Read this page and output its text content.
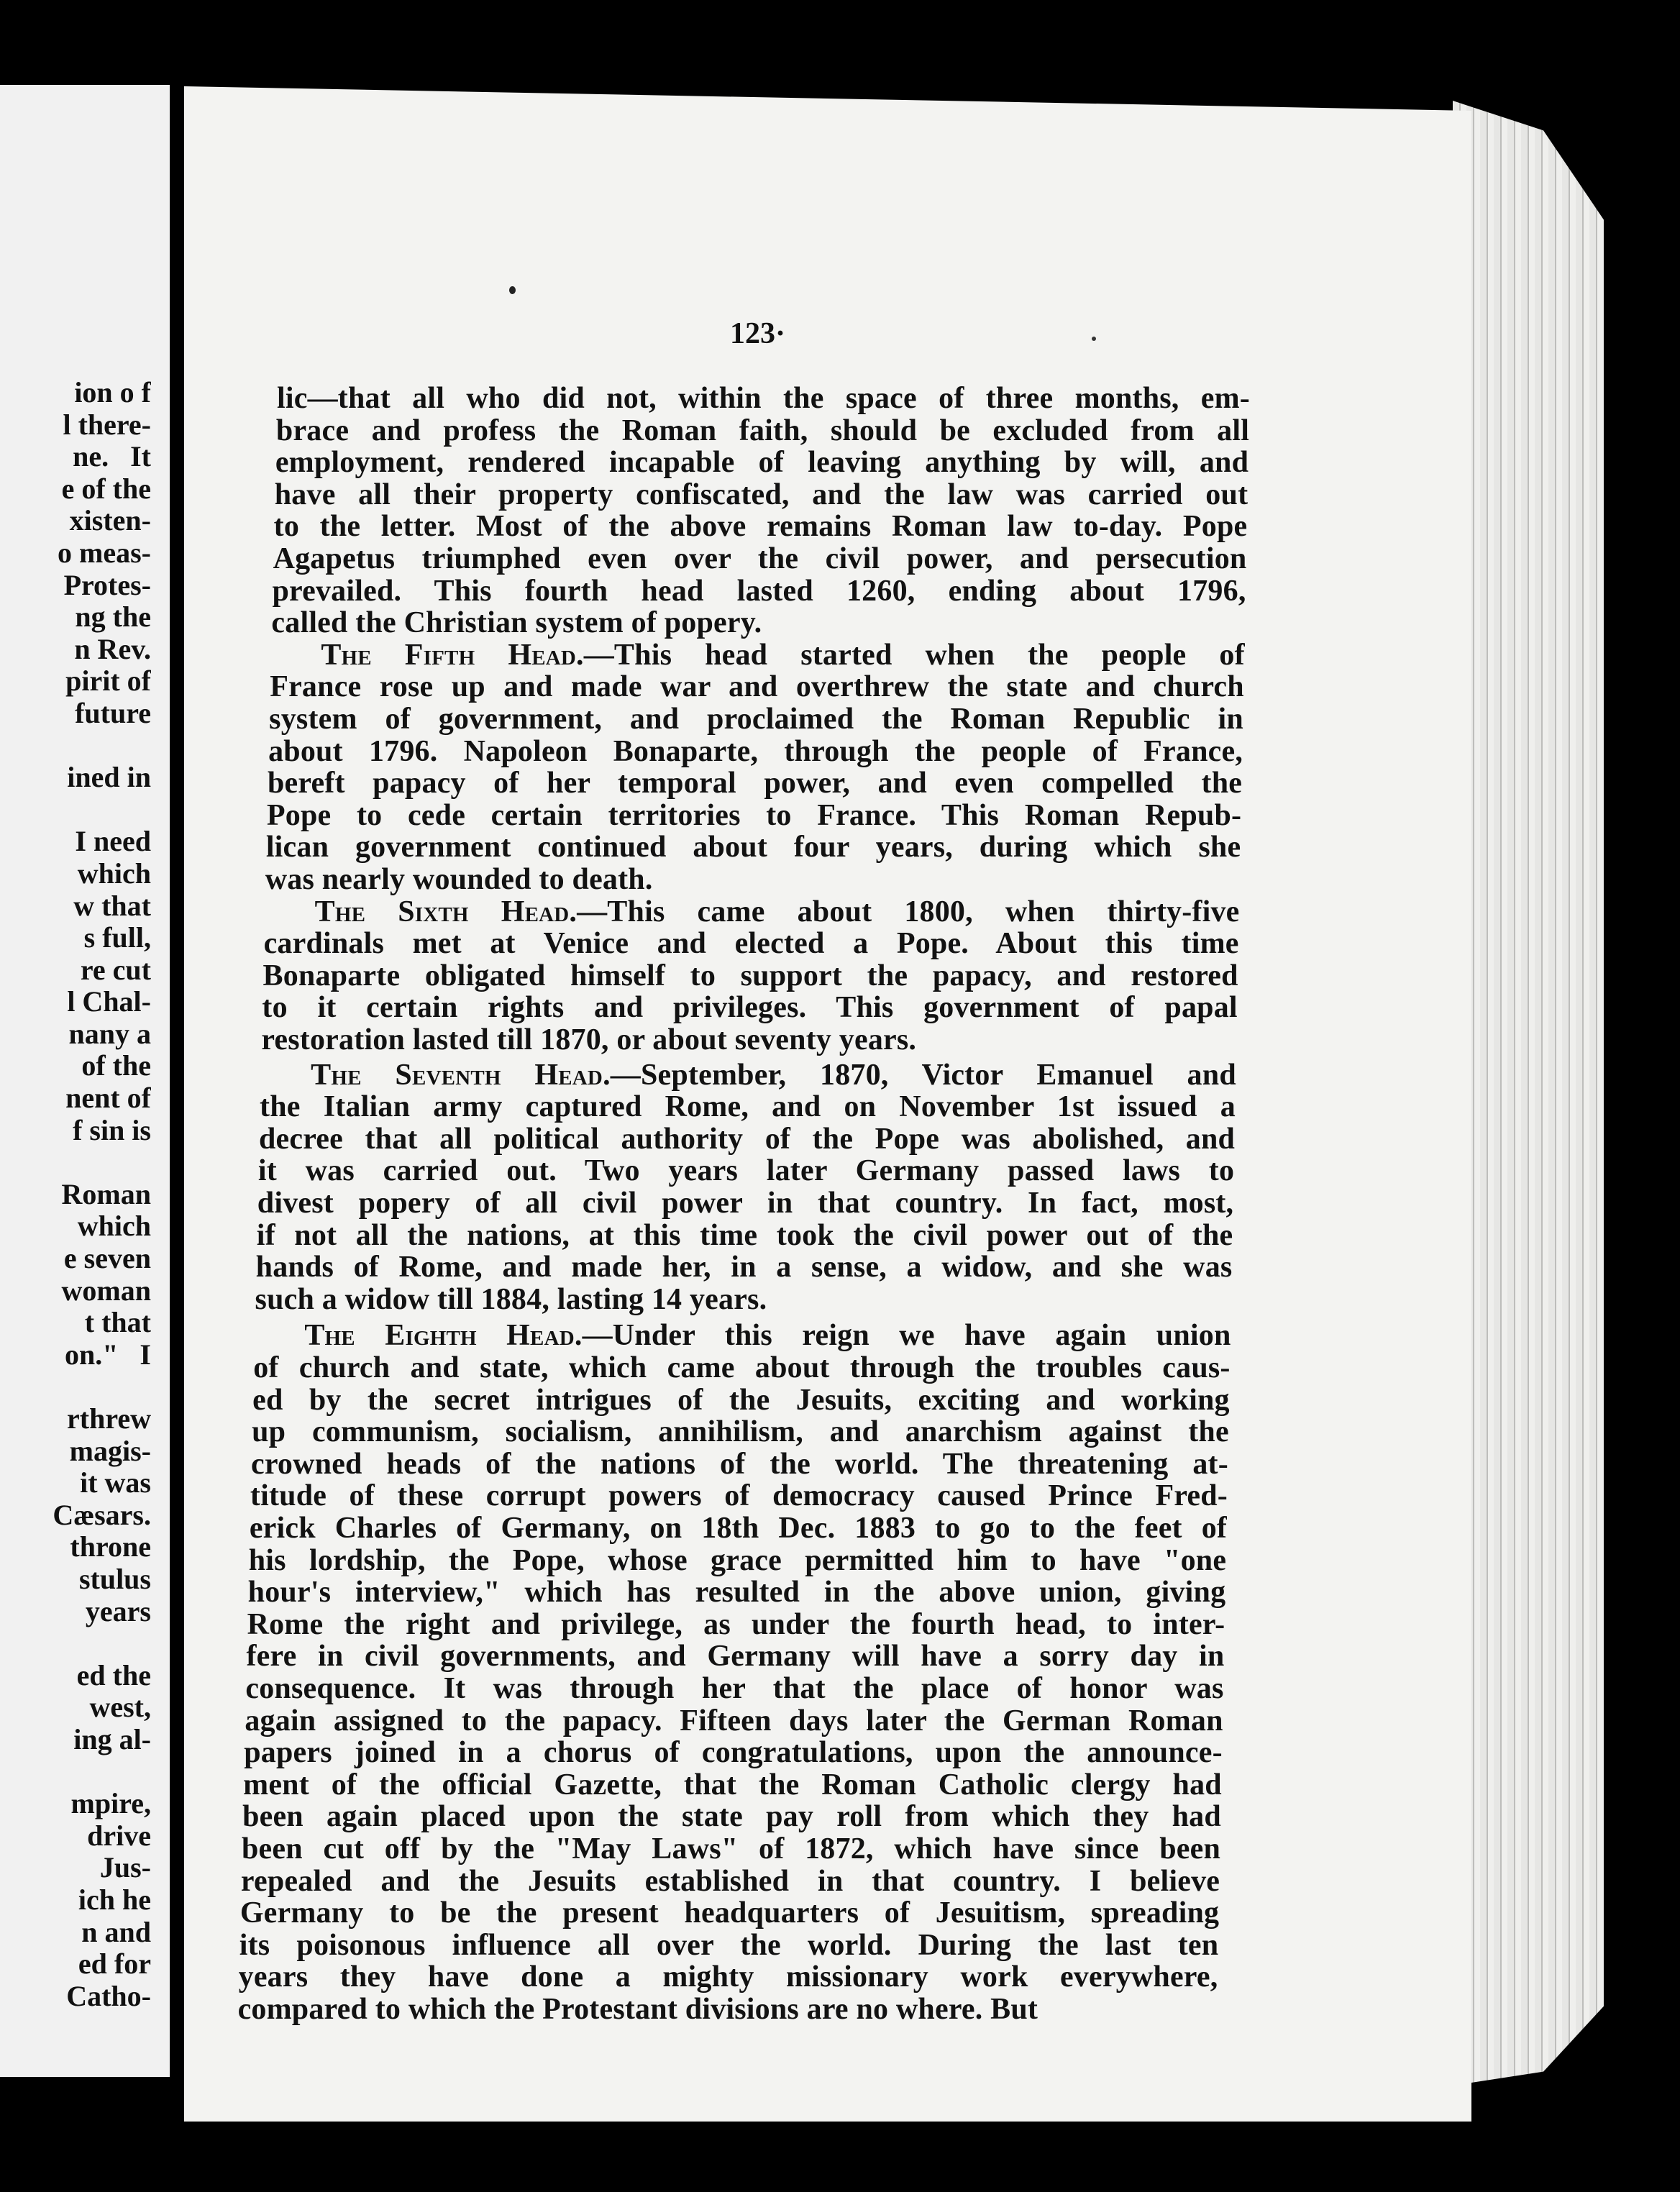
ion o f
l there-
ne.   It
e of the
xisten-
o meas-
Protes-
ng the
n Rev.
pirit of
future

ined in

I need
which
w that
s full,
re cut
l Chal-
nany a
of the
nent of
f sin is

Roman
which
e seven
woman
t that
on."   I

rthrew
magis-
it was
Cæsars.
throne
stulus
years

ed the
west,
ing al-

mpire,
drive
Jus-
ich he
n and
ed for
Catho-
123·
lic—that all who did not, within the space of three months, em-
brace and profess the Roman faith, should be excluded from all
employment, rendered incapable of leaving anything by will, and
have all their property confiscated, and the law was carried out
to the letter. Most of the above remains Roman law to-day. Pope
Agapetus triumphed even over the civil power, and persecution
prevailed. This fourth head lasted 1260, ending about 1796,
called the Christian system of popery.
The Fifth Head.—This head started when the people of
France rose up and made war and overthrew the state and church
system of government, and proclaimed the Roman Republic in
about 1796. Napoleon Bonaparte, through the people of France,
bereft papacy of her temporal power, and even compelled the
Pope to cede certain territories to France. This Roman Repub-
lican government continued about four years, during which she
was nearly wounded to death.
The Sixth Head.—This came about 1800, when thirty-five
cardinals met at Venice and elected a Pope. About this time
Bonaparte obligated himself to support the papacy, and restored
to it certain rights and privileges. This government of papal
restoration lasted till 1870, or about seventy years.
The Seventh Head.—September, 1870, Victor Emanuel and
the Italian army captured Rome, and on November 1st issued a
decree that all political authority of the Pope was abolished, and
it was carried out. Two years later Germany passed laws to
divest popery of all civil power in that country. In fact, most,
if not all the nations, at this time took the civil power out of the
hands of Rome, and made her, in a sense, a widow, and she was
such a widow till 1884, lasting 14 years.
The Eighth Head.—Under this reign we have again union
of church and state, which came about through the troubles caus-
ed by the secret intrigues of the Jesuits, exciting and working
up communism, socialism, annihilism, and anarchism against the
crowned heads of the nations of the world. The threatening at-
titude of these corrupt powers of democracy caused Prince Fred-
erick Charles of Germany, on 18th Dec. 1883 to go to the feet of
his lordship, the Pope, whose grace permitted him to have "one
hour's interview," which has resulted in the above union, giving
Rome the right and privilege, as under the fourth head, to inter-
fere in civil governments, and Germany will have a sorry day in
consequence. It was through her that the place of honor was
again assigned to the papacy. Fifteen days later the German Roman
papers joined in a chorus of congratulations, upon the announce-
ment of the official Gazette, that the Roman Catholic clergy had
been again placed upon the state pay roll from which they had
been cut off by the "May Laws" of 1872, which have since been
repealed and the Jesuits established in that country. I believe
Germany to be the present headquarters of Jesuitism, spreading
its poisonous influence all over the world. During the last ten
years they have done a mighty missionary work everywhere,
compared to which the Protestant divisions are no where. But
